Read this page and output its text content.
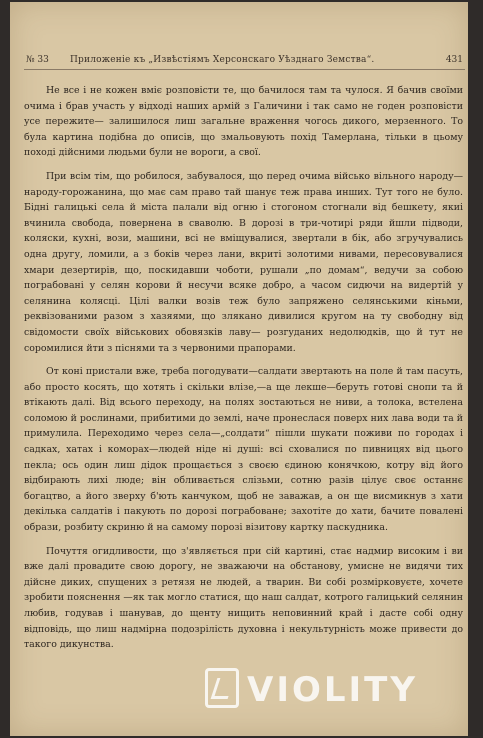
№ 33 Приложеніе къ „Извѣстіямъ Херсонскаго Уѣзднаго Земства“.	431

Не все і не кожен вміє розповісти те, що бачилося там та чулося. Я бачив своїми очима і брав участь у відході наших армій з Галичини і так само не годен розповісти усе пережите— залишилося лиш загальне враження чогось дикого, мерзенного. То була картина подібна до описів, що змальовують похід Тамерлана, тільки в цьому поході дійсними людьми були не вороги, а свої.

При всім тім, що робилося, забувалося, що перед очима військо вільного народу—народу-горожанина, що має сам право тай шанує теж права инших. Тут того не було. Бідні галицькі села й міста палали від огню і стогоном стогнали від бешкету, якиі вчинила свобода, повернена в сваволю. В дорозі в три-чотирі ряди йшли підводи, коляски, кухні, вози, машини, всі не вміщувалися, звертали в бік, або згручувались одна другу, ломили, а з боків через лани, вкриті золотими нивами, пересовувалися хмари дезертирів, що, поскидавши чоботи, рушали „по домам“, ведучи за собою пограбовані у селян корови й несучи всяке добро, а часом сидючи на видертій у селянина колясці. Цілі валки возів теж було запряжено селянськими кіньми, реквізованими разом з хазяями, що злякано дивилися кругом на ту свободну від свідомости своїх військових обовязків лаву— розгуданих недолюдків, що й тут не соромилися йти з піснями та з червоними прапорами.

От коні пристали вже, треба погодувати—салдати звертають на поле й там пасуть, або просто косять, що хотять і скільки влізе,—а ще лекше—беруть готові снопи та й втікають далі. Від всього переходу, на полях зостаються не ниви, а толока, встелена соломою й рослинами, прибитими до землі, наче пронеслася поверх них лава води та й примулила. Переходимо через села—„солдати“ пішли шукати поживи по городах і садках, хатах і коморах—людей ніде ні душі: всі сховалися по пивницях від цього пекла; ось один лиш дідок прощається з своєю єдиною конячкою, котру від його відбирають лихі люде; він обливається слізьми, сотню разів цілує своє останнє богацтво, а його зверху б'ють канчуком, щоб не заважав, а он ще висмикнув з хати декілька салдатів і пакують по дорозі пограбоване; захотіте до хати, бачите повалені образи, розбиту скриню й на самому порозі візитову картку паскудника.

Почуття огидливости, що з'являється при сій картині, стає надмир високим і ви вже далі провадите свою дорогу, не зважаючи на обстанову, умисне не видячи тих дійсне диких, спущених з ретязя не людей, а тварин. Ви собі розмірковуєте, хочете зробити пояснення —як так могло статися, що наш салдат, котрого галицький селянин любив, годував і шанував, до щенту нищить неповинний край і дасте собі одну відповідь, що лиш надмірна подозрілість духовна і некультурність може привести до такого дикунства.

VIOLITY
